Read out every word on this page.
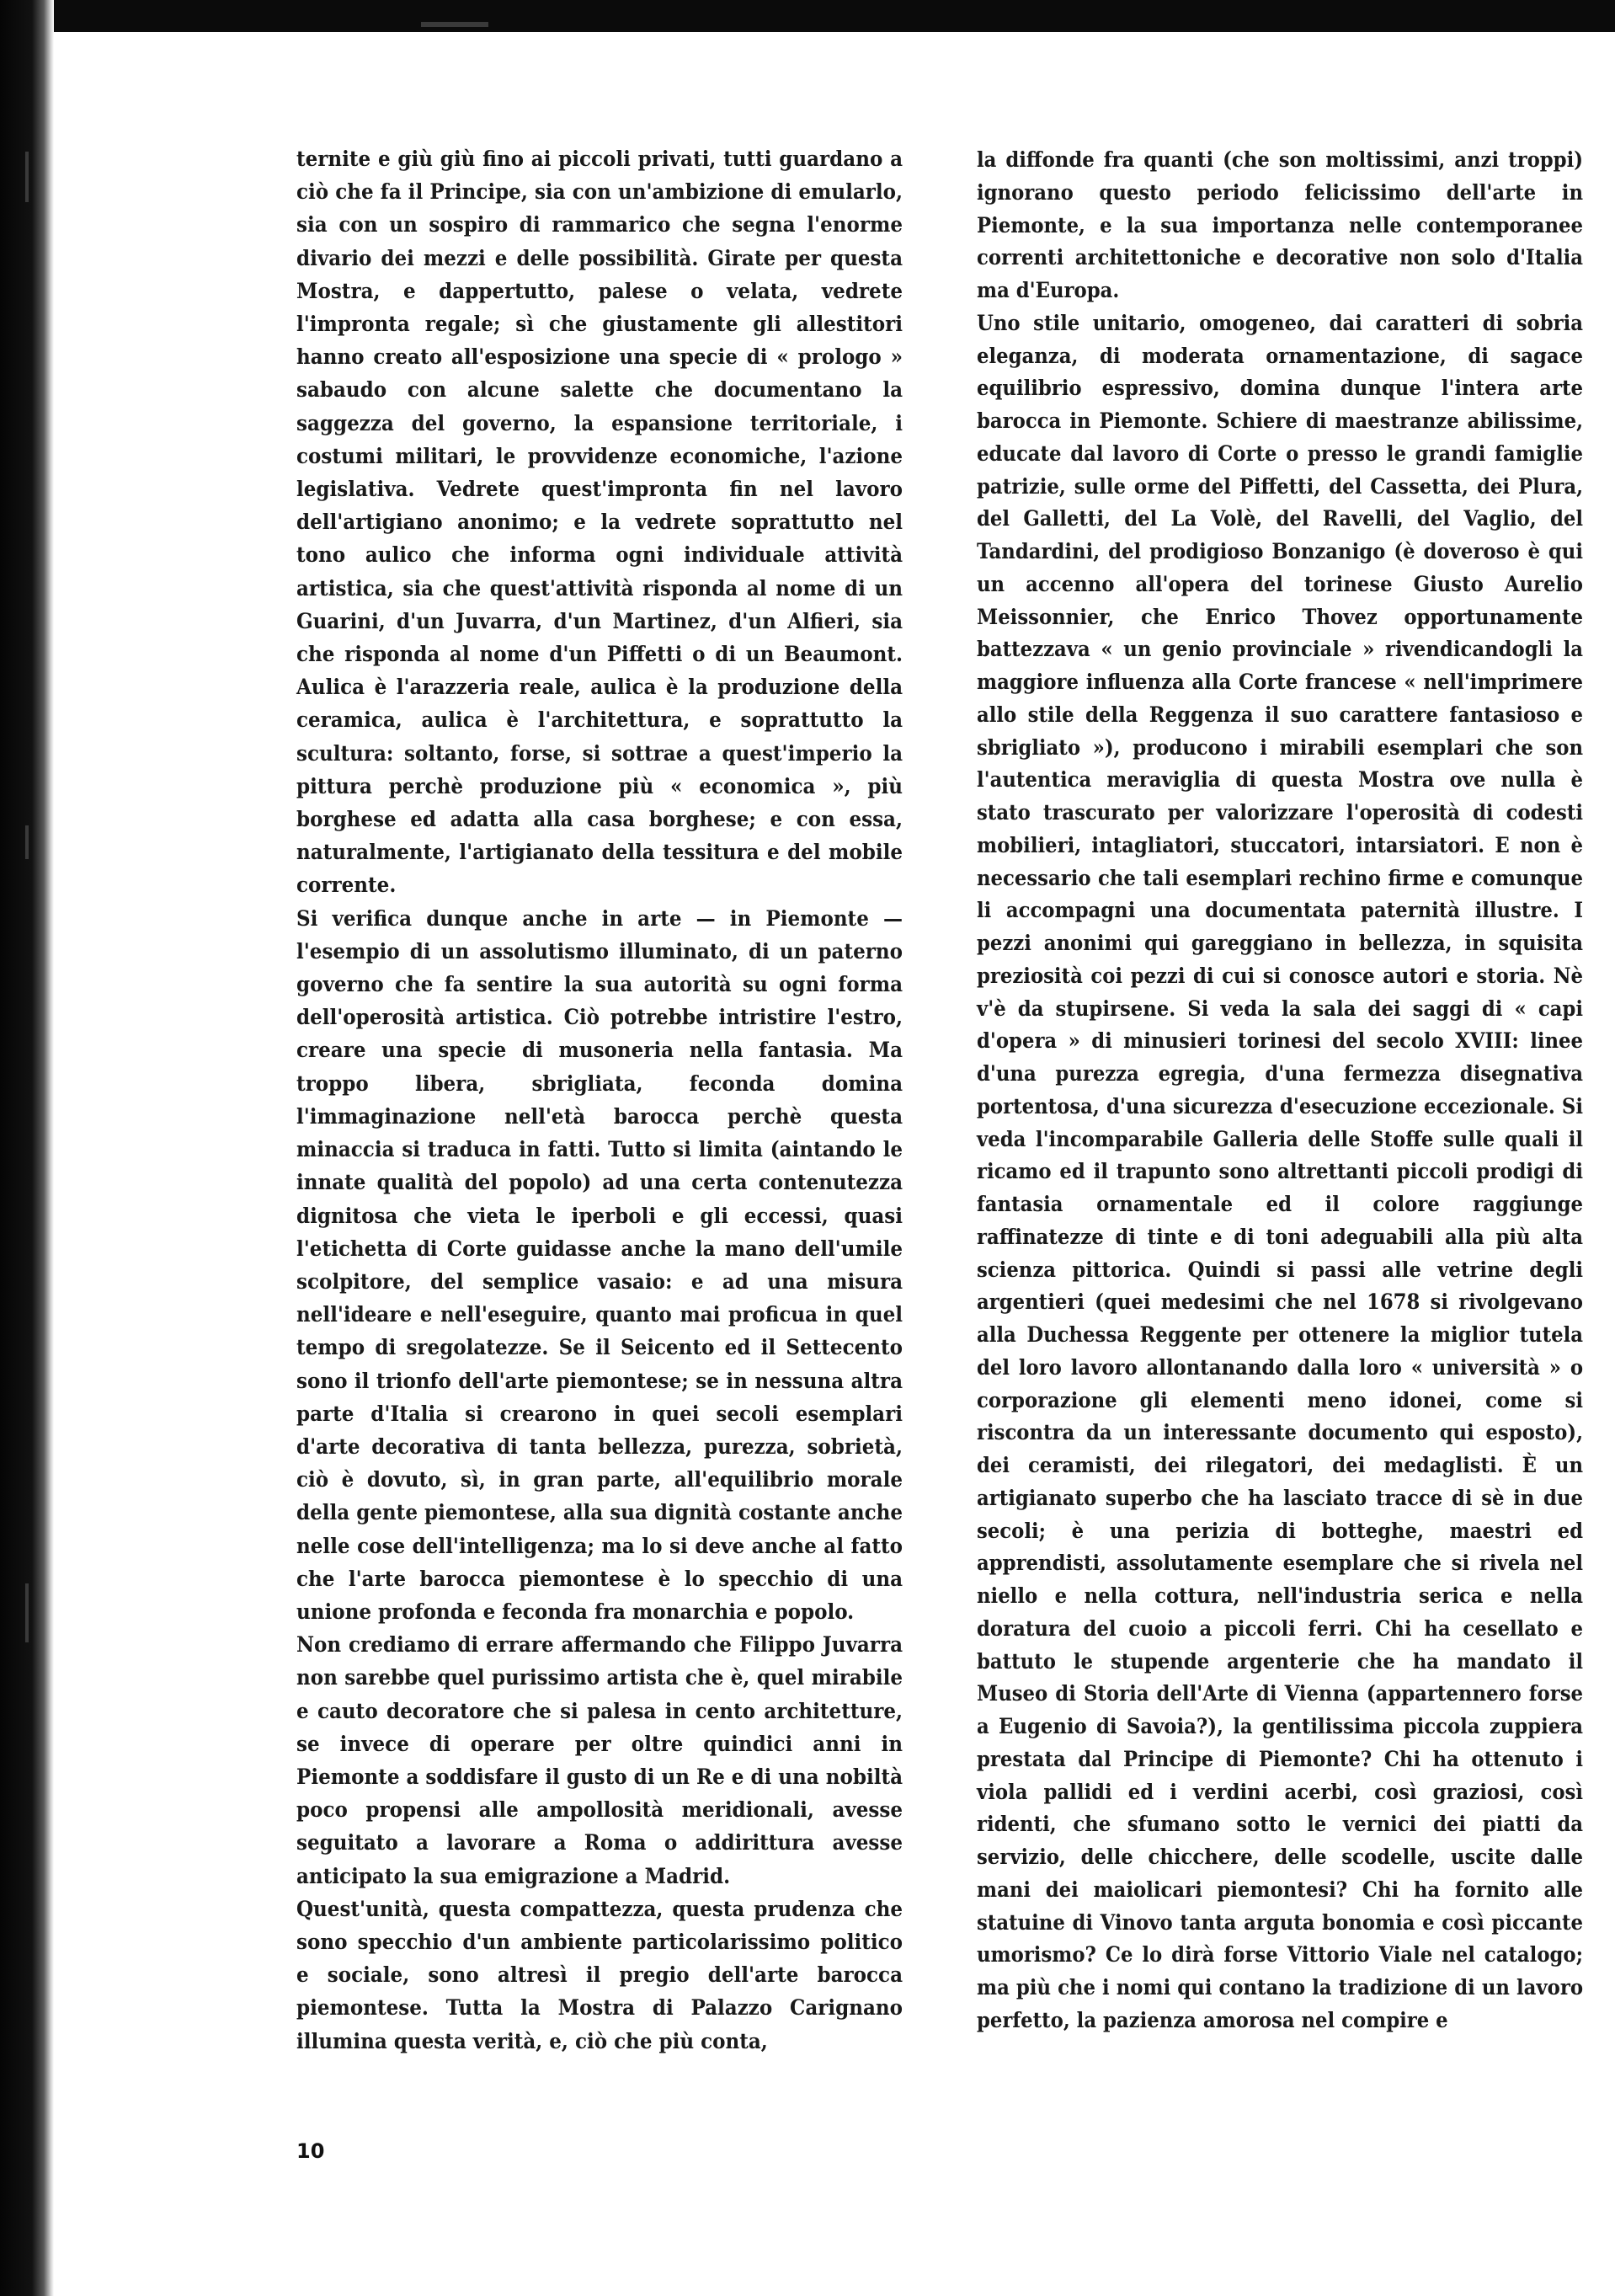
ternite e giù giù fino ai piccoli privati, tutti guardano a ciò che fa il Principe, sia con un'ambizione di emularlo, sia con un sospiro di rammarico che segna l'enorme divario dei mezzi e delle possibilità. Girate per questa Mostra, e dappertutto, palese o velata, vedrete l'impronta regale; sì che giustamente gli allestitori hanno creato all'esposizione una specie di « prologo » sabaudo con alcune salette che documentano la saggezza del governo, la espansione territoriale, i costumi militari, le provvidenze economiche, l'azione legislativa. Vedrete quest'impronta fin nel lavoro dell'artigiano anonimo; e la vedrete soprattutto nel tono aulico che informa ogni individuale attività artistica, sia che quest'attività risponda al nome di un Guarini, d'un Juvarra, d'un Martinez, d'un Alfieri, sia che risponda al nome d'un Piffetti o di un Beaumont. Aulica è l'arazzeria reale, aulica è la produzione della ceramica, aulica è l'architettura, e soprattutto la scultura: soltanto, forse, si sottrae a quest'imperio la pittura perchè produzione più « economica », più borghese ed adatta alla casa borghese; e con essa, naturalmente, l'artigianato della tessitura e del mobile corrente.

Si verifica dunque anche in arte — in Piemonte — l'esempio di un assolutismo illuminato, di un paterno governo che fa sentire la sua autorità su ogni forma dell'operosità artistica. Ciò potrebbe intristire l'estro, creare una specie di musoneria nella fantasia. Ma troppo libera, sbrigliata, feconda domina l'immaginazione nell'età barocca perchè questa minaccia si traduca in fatti. Tutto si limita (aintando le innate qualità del popolo) ad una certa contenutezza dignitosa che vieta le iperboli e gli eccessi, quasi l'etichetta di Corte guidasse anche la mano dell'umile scolpitore, del semplice vasaio: e ad una misura nell'ideare e nell'eseguire, quanto mai proficua in quel tempo di sregolatezze. Se il Seicento ed il Settecento sono il trionfo dell'arte piemontese; se in nessuna altra parte d'Italia si crearono in quei secoli esemplari d'arte decorativa di tanta bellezza, purezza, sobrietà, ciò è dovuto, sì, in gran parte, all'equilibrio morale della gente piemontese, alla sua dignità costante anche nelle cose dell'intelligenza; ma lo si deve anche al fatto che l'arte barocca piemontese è lo specchio di una unione profonda e feconda fra monarchia e popolo.

Non crediamo di errare affermando che Filippo Juvarra non sarebbe quel purissimo artista che è, quel mirabile e cauto decoratore che si palesa in cento architetture, se invece di operare per oltre quindici anni in Piemonte a soddisfare il gusto di un Re e di una nobiltà poco propensi alle ampollosità meridionali, avesse seguitato a lavorare a Roma o addirittura avesse anticipato la sua emigrazione a Madrid.

Quest'unità, questa compattezza, questa prudenza che sono specchio d'un ambiente particolarissimo politico e sociale, sono altresì il pregio dell'arte barocca piemontese. Tutta la Mostra di Palazzo Carignano illumina questa verità, e, ciò che più conta,

la diffonde fra quanti (che son moltissimi, anzi troppi) ignorano questo periodo felicissimo dell'arte in Piemonte, e la sua importanza nelle contemporanee correnti architettoniche e decorative non solo d'Italia ma d'Europa.

Uno stile unitario, omogeneo, dai caratteri di sobria eleganza, di moderata ornamentazione, di sagace equilibrio espressivo, domina dunque l'intera arte barocca in Piemonte. Schiere di maestranze abilissime, educate dal lavoro di Corte o presso le grandi famiglie patrizie, sulle orme del Piffetti, del Cassetta, dei Plura, del Galletti, del La Volè, del Ravelli, del Vaglio, del Tandardini, del prodigioso Bonzanigo (è doveroso è qui un accenno all'opera del torinese Giusto Aurelio Meissonnier, che Enrico Thovez opportunamente battezzava « un genio provinciale » rivendicandogli la maggiore influenza alla Corte francese « nell'imprimere allo stile della Reggenza il suo carattere fantasioso e sbrigliato »), producono i mirabili esemplari che son l'autentica meraviglia di questa Mostra ove nulla è stato trascurato per valorizzare l'operosità di codesti mobilieri, intagliatori, stuccatori, intarsiatori. E non è necessario che tali esemplari rechino firme e comunque li accompagni una documentata paternità illustre. I pezzi anonimi qui gareggiano in bellezza, in squisita preziosità coi pezzi di cui si conosce autori e storia. Nè v'è da stupirsene. Si veda la sala dei saggi di « capi d'opera » di minusieri torinesi del secolo XVIII: linee d'una purezza egregia, d'una fermezza disegnativa portentosa, d'una sicurezza d'esecuzione eccezionale. Si veda l'incomparabile Galleria delle Stoffe sulle quali il ricamo ed il trapunto sono altrettanti piccoli prodigi di fantasia ornamentale ed il colore raggiunge raffinatezze di tinte e di toni adeguabili alla più alta scienza pittorica. Quindi si passi alle vetrine degli argentieri (quei medesimi che nel 1678 si rivolgevano alla Duchessa Reggente per ottenere la miglior tutela del loro lavoro allontanando dalla loro « università » o corporazione gli elementi meno idonei, come si riscontra da un interessante documento qui esposto), dei ceramisti, dei rilegatori, dei medaglisti. È un artigianato superbo che ha lasciato tracce di sè in due secoli; è una perizia di botteghe, maestri ed apprendisti, assolutamente esemplare che si rivela nel niello e nella cottura, nell'industria serica e nella doratura del cuoio a piccoli ferri. Chi ha cesellato e battuto le stupende argenterie che ha mandato il Museo di Storia dell'Arte di Vienna (appartennero forse a Eugenio di Savoia?), la gentilissima piccola zuppiera prestata dal Principe di Piemonte? Chi ha ottenuto i viola pallidi ed i verdini acerbi, così graziosi, così ridenti, che sfumano sotto le vernici dei piatti da servizio, delle chicchere, delle scodelle, uscite dalle mani dei maiolicari piemontesi? Chi ha fornito alle statuine di Vinovo tanta arguta bonomia e così piccante umorismo? Ce lo dirà forse Vittorio Viale nel catalogo; ma più che i nomi qui contano la tradizione di un lavoro perfetto, la pazienza amorosa nel compire e

10
